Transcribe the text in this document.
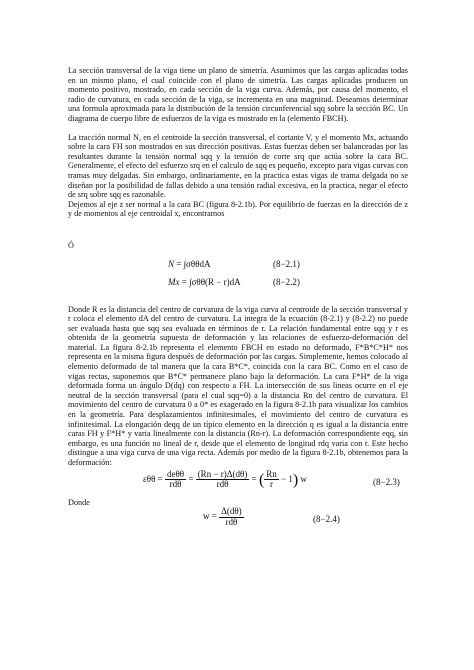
La sección transversal de la viga tiene un plano de simetría. Asumimos que las cargas aplicadas todas en un mismo plano, el cual coincide con el plano de simetría. Las cargas aplicadas producen un momento positivo, mostrado, en cada sección de la viga curva. Además, por causa del momento, el radio de curvatura, en cada sección de la viga, se incrementa en una magnitud. Deseamos determinar una formula aproximada para la distribución de la tensión circunferencial sqq sobre la sección BC. Un diagrama de cuerpo libre de esfuerzos de la viga es mostrado en la (elemento FBCH).

La tracción normal N, en el centroide la sección transversal, el cortante V, y el momento Mx, actuando sobre la cara FH son mostrados en sus dirección positivas. Estas fuerzas deben ser balanceadas por las resultantes durante la tensión normal sqq y la tensión de corte srq que actúa sobre la cara BC. Generalmente, el efecto del esfuerzo srq en el calculo de sqq es pequeño, excepto para vigas curvas con tramas muy delgadas. Sin embargo, ordinariamente, en la practica estas vigas de trama delgada no se diseñan por la posibilidad de fallas debido a una tensión radial excesiva, en la practica, negar el efecto de srq sobre sqq es razonable.

Dejemos al eje z ser normal a la cara BC (figura 8-2.1b). Por equilibrio de fuerzas en la dirección de z y de momentos al eje centroidal x, encontramos

Ó

N = ∫σθθdA	(8−2.1)
Mx = ∫σθθ(R − r)dA	(8−2.2)

Donde R es la distancia del centro de curvatura de la viga curva al centroide de la sección transversal y r coloca el elemento dA del centro de curvatura. La integra de la ecuación (8-2.1) y (8-2.2) no puede ser evaluada hasta que sqq sea evaluada en términos de r. La relación fundamental entre sqq y r es obtenida de la geometría supuesta de deformación y las relaciones de esfuerzo-deformación del material. La figura 8-2.1b representa el elemento FBCH en estado no deformado, F*B*C*H* nos representa en la misma figura después de deformación por las cargas. Simplemente, hemos colocado al elemento deformado de tal manera que la cara B*C*, coincida con la cara BC. Como en el caso de vigas rectas, suponemos que B*C* permanece plano bajo la deformación. La cara F*H* de la viga deformada forma un ángulo D(dq) con respecto a FH. La intersección de sus lineas ocurre en el eje neutral de la sección transversal (para el cual sqq=0) a la distancia Rn del centro de curvatura. El movimiento del centro de curvatura 0 a 0* es exagerado en la figura 8-2.1b para visualizar los cambios en la geometría. Para desplazamientos infinitesimales, el movimiento del centro de curvatura es infinitesimal. La elongación deqq de un típico elemento en la dirección q es igual a la distancia entre caras FH y F*H* y varia linealmente con la distancia (Rn-r). La deformación correspondiente eqq, sin embargo, es una función no lineal de r, desde que el elemento de longitud rdq varia con r. Este hecho distingue a una viga curva de una viga recta. Además por medio de la figura 8-2.1b, obtenemos para la deformación:

$\varepsilon\theta\theta = \frac{\text{deθθ}}{\text{rdθ}} = \frac{(Rn - r)\Delta(d\theta)}{\text{rdθ}}$ = ( $\frac{Rn}{r} - 1$) w	(8−2.3)

Donde

$w = \frac{\Delta(d\theta)}{\text{rdθ}}$	(8−2.4)
